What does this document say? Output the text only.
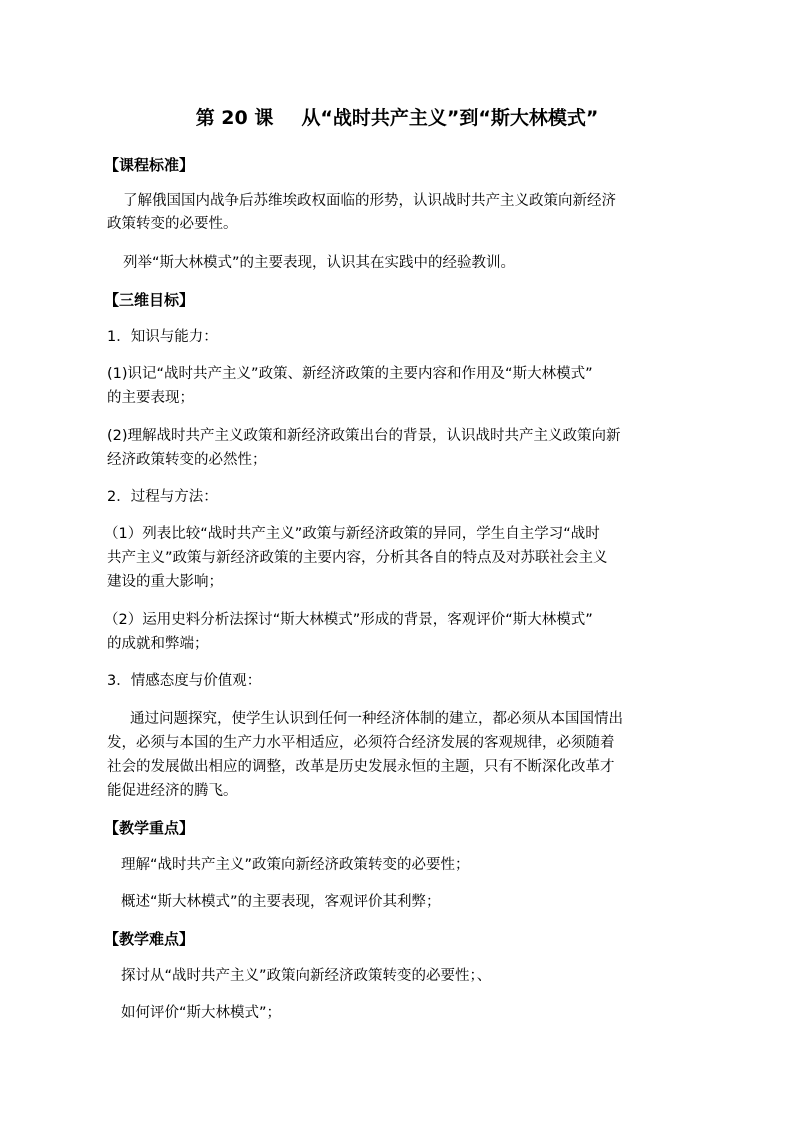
第 20 课 从“战时共产主义”到“斯大林模式”
【课程标准】
了解俄国国内战争后苏维埃政权面临的形势，认识战时共产主义政策向新经济
政策转变的必要性。
列举“斯大林模式”的主要表现，认识其在实践中的经验教训。
【三维目标】
1．知识与能力：
(1)识记“战时共产主义”政策、新经济政策的主要内容和作用及“斯大林模式”
的主要表现；
(2)理解战时共产主义政策和新经济政策出台的背景，认识战时共产主义政策向新
经济政策转变的必然性；
2．过程与方法：
（1）列表比较“战时共产主义”政策与新经济政策的异同，学生自主学习“战时
共产主义”政策与新经济政策的主要内容，分析其各自的特点及对苏联社会主义
建设的重大影响；
（2）运用史料分析法探讨“斯大林模式”形成的背景，客观评价“斯大林模式”
的成就和弊端；
3．情感态度与价值观：
通过问题探究，使学生认识到任何一种经济体制的建立，都必须从本国国情出
发，必须与本国的生产力水平相适应，必须符合经济发展的客观规律，必须随着
社会的发展做出相应的调整，改革是历史发展永恒的主题，只有不断深化改革才
能促进经济的腾飞。
【教学重点】
理解“战时共产主义”政策向新经济政策转变的必要性；
概述“斯大林模式”的主要表现，客观评价其利弊；
【教学难点】
探讨从“战时共产主义”政策向新经济政策转变的必要性；、
如何评价“斯大林模式”；
